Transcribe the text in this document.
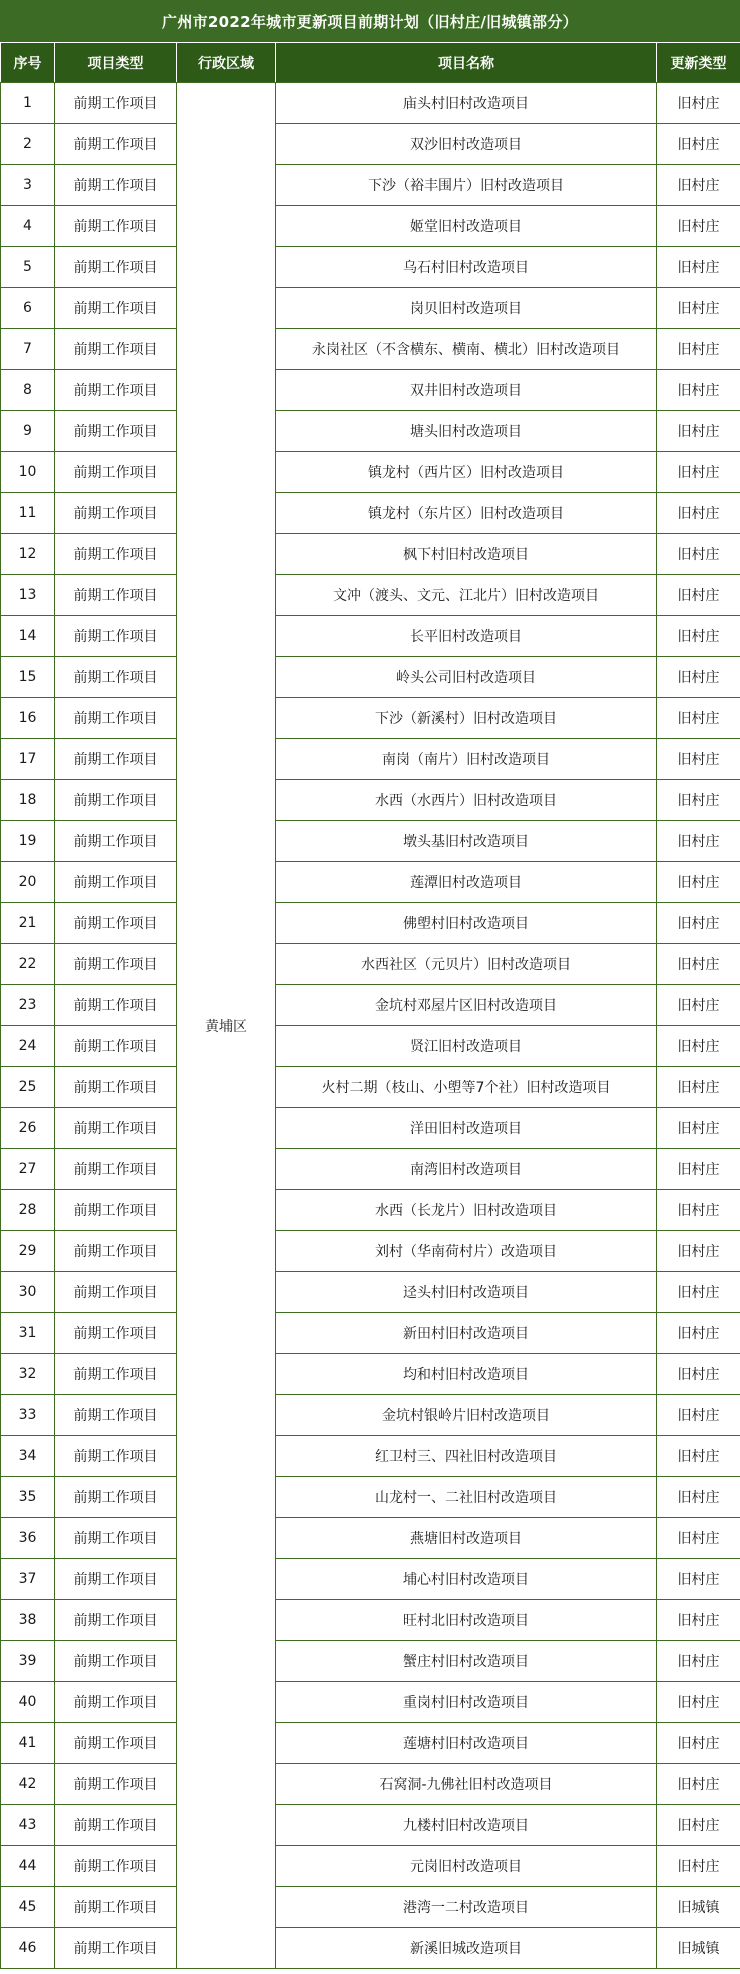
广州市2022年城市更新项目前期计划（旧村庄/旧城镇部分）
序号	项目类型	行政区域	项目名称	更新类型
1	前期工作项目	黄埔区	庙头村旧村改造项目	旧村庄
2	前期工作项目		双沙旧村改造项目	旧村庄
3	前期工作项目		下沙（裕丰围片）旧村改造项目	旧村庄
4	前期工作项目		姬堂旧村改造项目	旧村庄
5	前期工作项目		乌石村旧村改造项目	旧村庄
6	前期工作项目		岗贝旧村改造项目	旧村庄
7	前期工作项目		永岗社区（不含横东、横南、横北）旧村改造项目	旧村庄
8	前期工作项目		双井旧村改造项目	旧村庄
9	前期工作项目		塘头旧村改造项目	旧村庄
10	前期工作项目		镇龙村（西片区）旧村改造项目	旧村庄
11	前期工作项目		镇龙村（东片区）旧村改造项目	旧村庄
12	前期工作项目		枫下村旧村改造项目	旧村庄
13	前期工作项目		文冲（渡头、文元、江北片）旧村改造项目	旧村庄
14	前期工作项目		长平旧村改造项目	旧村庄
15	前期工作项目		岭头公司旧村改造项目	旧村庄
16	前期工作项目		下沙（新溪村）旧村改造项目	旧村庄
17	前期工作项目		南岗（南片）旧村改造项目	旧村庄
18	前期工作项目		水西（水西片）旧村改造项目	旧村庄
19	前期工作项目		墩头基旧村改造项目	旧村庄
20	前期工作项目		莲潭旧村改造项目	旧村庄
21	前期工作项目		佛塱村旧村改造项目	旧村庄
22	前期工作项目		水西社区（元贝片）旧村改造项目	旧村庄
23	前期工作项目		金坑村邓屋片区旧村改造项目	旧村庄
24	前期工作项目		贤江旧村改造项目	旧村庄
25	前期工作项目		火村二期（枝山、小塱等7个社）旧村改造项目	旧村庄
26	前期工作项目		洋田旧村改造项目	旧村庄
27	前期工作项目		南湾旧村改造项目	旧村庄
28	前期工作项目		水西（长龙片）旧村改造项目	旧村庄
29	前期工作项目		刘村（华南荷村片）改造项目	旧村庄
30	前期工作项目		迳头村旧村改造项目	旧村庄
31	前期工作项目		新田村旧村改造项目	旧村庄
32	前期工作项目		均和村旧村改造项目	旧村庄
33	前期工作项目		金坑村银岭片旧村改造项目	旧村庄
34	前期工作项目		红卫村三、四社旧村改造项目	旧村庄
35	前期工作项目		山龙村一、二社旧村改造项目	旧村庄
36	前期工作项目		燕塘旧村改造项目	旧村庄
37	前期工作项目		埔心村旧村改造项目	旧村庄
38	前期工作项目		旺村北旧村改造项目	旧村庄
39	前期工作项目		蟹庄村旧村改造项目	旧村庄
40	前期工作项目		重岗村旧村改造项目	旧村庄
41	前期工作项目		莲塘村旧村改造项目	旧村庄
42	前期工作项目		石窝洞-九佛社旧村改造项目	旧村庄
43	前期工作项目		九楼村旧村改造项目	旧村庄
44	前期工作项目		元岗旧村改造项目	旧村庄
45	前期工作项目		港湾一二村改造项目	旧城镇
46	前期工作项目		新溪旧城改造项目	旧城镇
